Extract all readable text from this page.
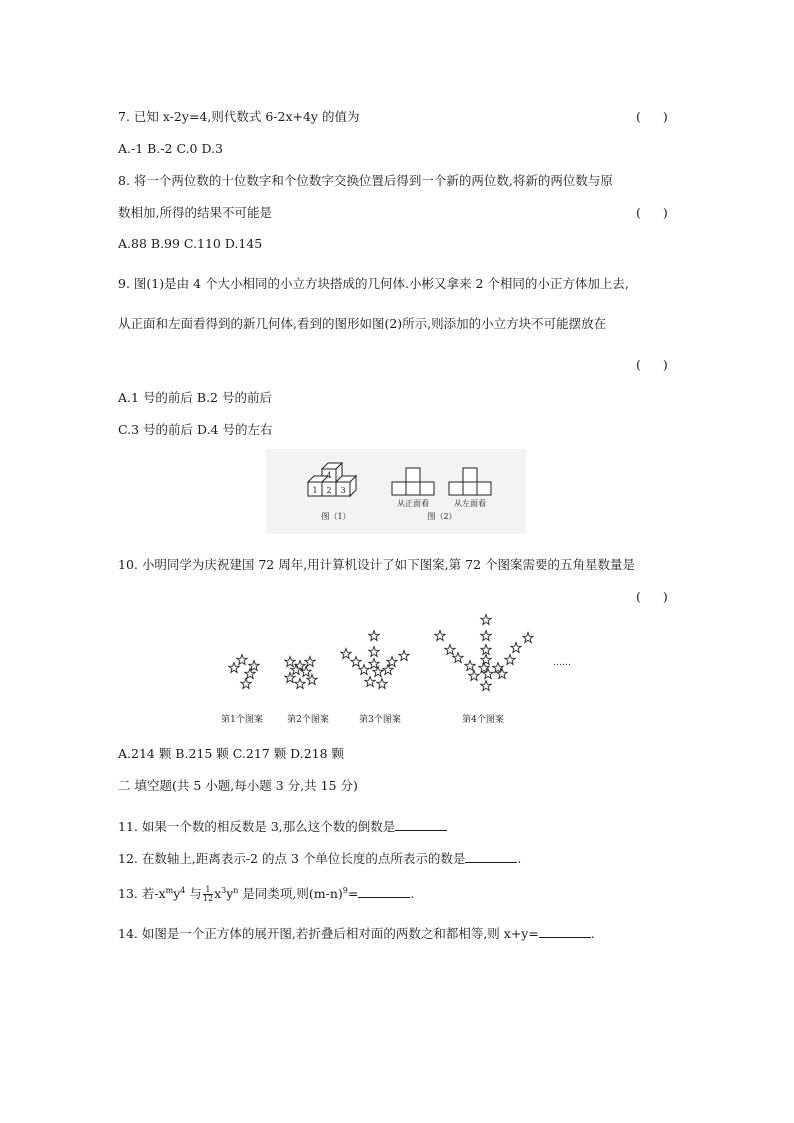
7. 已知 x-2y=4,则代数式 6-2x+4y 的值为	( )
A.-1 B.-2 C.0 D.3
8. 将一个两位数的十位数字和个位数字交换位置后得到一个新的两位数,将新的两位数与原
数相加,所得的结果不可能是	( )
A.88 B.99 C.110 D.145
9. 图(1)是由 4 个大小相同的小立方块搭成的几何体.小彬又拿来 2 个相同的小正方体加上去,
从正面和左面看得到的新几何体,看到的图形如图(2)所示,则添加的小立方块不可能摆放在
( )
A.1 号的前后 B.2 号的前后
C.3 号的前后 D.4 号的左右
4
1 2 3
从正面看	从左面看
图（1）	图（2）
10. 小明同学为庆祝建国 72 周年,用计算机设计了如下图案,第 72 个图案需要的五角星数量是
( )
第1个图案	第2个图案	第3个图案	第4个图案
……
A.214 颗 B.215 颗 C.217 颗 D.218 颗
二 填空题(共 5 小题,每小题 3 分,共 15 分)
11. 如果一个数的相反数是 3,那么这个数的倒数是
12. 在数轴上,距离表示-2 的点 3 个单位长度的点所表示的数是	.
13. 若$-x^my^4$ 与 $\frac{1}{12} x^3y^n$ 是同类项,则$(m-n)^9=$	.
14. 如图是一个正方体的展开图,若折叠后相对面的两数之和都相等,则 x+y=	.
